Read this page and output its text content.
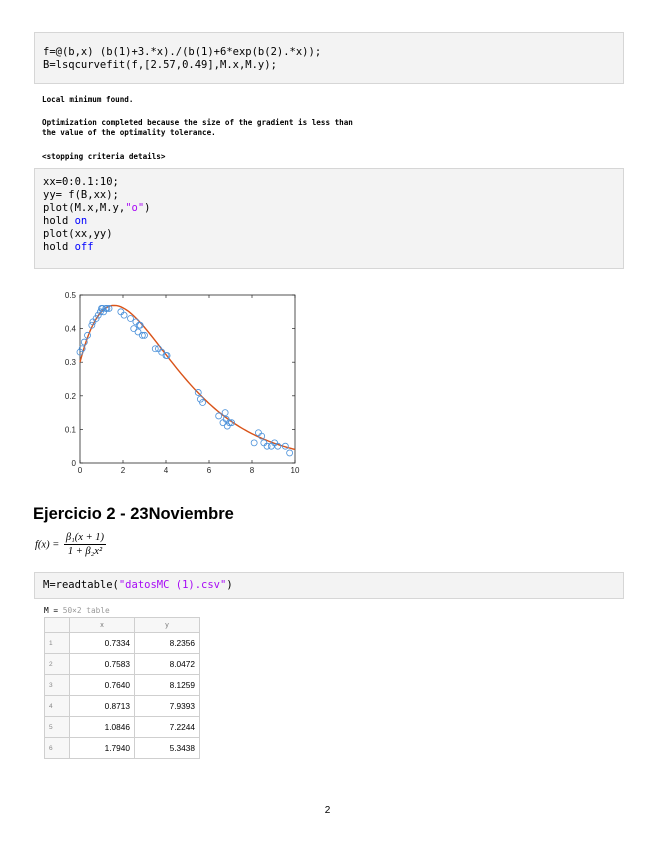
f=@(b,x) (b(1)+3.*x)./(b(1)+6*exp(b(2).*x));
B=lsqcurvefit(f,[2.57,0.49],M.x,M.y);
Local minimum found.
Optimization completed because the size of the gradient is less than
the value of the optimality tolerance.
<stopping criteria details>
xx=0:0.1:10;
yy= f(B,xx);
plot(M.x,M.y,"o")
hold on
plot(xx,yy)
hold off
0	2	4	6	8	10
0
0.1
0.2
0.3
0.4
0.5
Ejercicio 2 - 23Noviembre
$f(x) = \frac{\text{β₁(x + 1)}}{\text{1 + β₂x²}}$
M=readtable("datosMC (1).csv")
M = 50×2 table
	x	y
1	0.7334	8.2356
2	0.7583	8.0472
3	0.7640	8.1259
4	0.8713	7.9393
5	1.0846	7.2244
6	1.7940	5.3438
2
